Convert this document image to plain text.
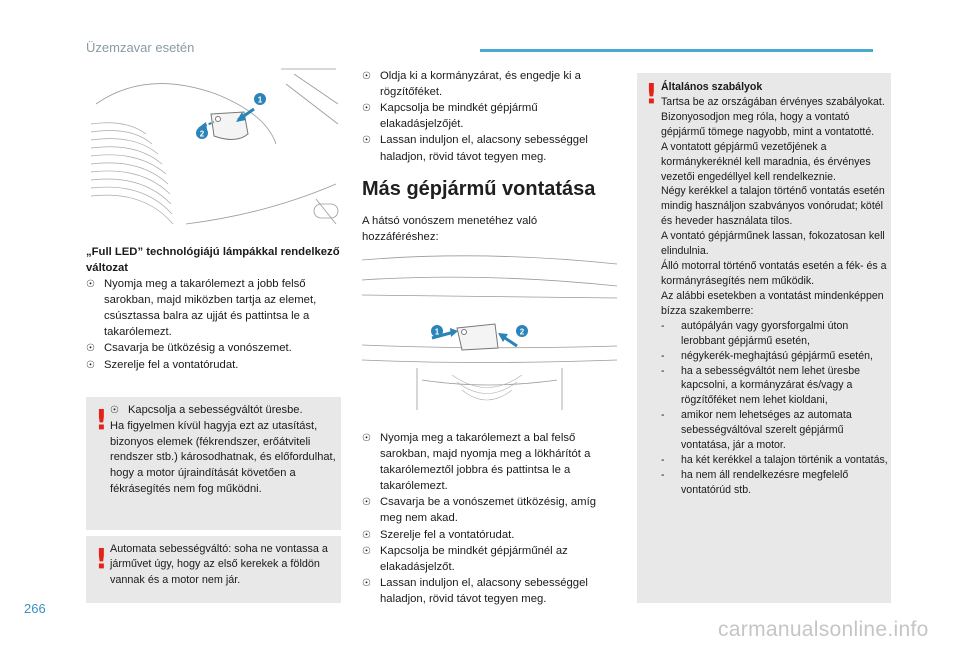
Üzemzavar esetén
1
2
„Full LED” technológiájú lámpákkal rendelkező változat
☉ Nyomja meg a takarólemezt a jobb felső sarokban, majd miközben tartja az elemet, csúsztassa balra az ujját és pattintsa le a takarólemezt.
☉ Csavarja be ütközésig a vonószemet.
☉ Szerelje fel a vontatórudat.
! ☉ Kapcsolja a sebességváltót üresbe.
Ha figyelmen kívül hagyja ezt az utasítást, bizonyos elemek (fékrendszer, erőátviteli rendszer stb.) károsodhatnak, és előfordulhat, hogy a motor újraindítását követően a fékrásegítés nem fog működni.
! Automata sebességváltó: soha ne vontassa a járművet úgy, hogy az első kerekek a földön vannak és a motor nem jár.
☉ Oldja ki a kormányzárat, és engedje ki a rögzítőféket.
☉ Kapcsolja be mindkét gépjármű elakadásjelzőjét.
☉ Lassan induljon el, alacsony sebességgel haladjon, rövid távot tegyen meg.
Más gépjármű vontatása
A hátsó vonószem menetéhez való hozzáféréshez:
1	2
☉ Nyomja meg a takarólemezt a bal felső sarokban, majd nyomja meg a lökhárítót a takarólemeztől jobbra és pattintsa le a takarólemezt.
☉ Csavarja be a vonószemet ütközésig, amíg meg nem akad.
☉ Szerelje fel a vontatórudat.
☉ Kapcsolja be mindkét gépjárműnél az elakadásjelzőt.
☉ Lassan induljon el, alacsony sebességgel haladjon, rövid távot tegyen meg.
! Általános szabályok
Tartsa be az országában érvényes szabályokat.
Bizonyosodjon meg róla, hogy a vontató gépjármű tömege nagyobb, mint a vontatotté.
A vontatott gépjármű vezetőjének a kormánykeréknél kell maradnia, és érvényes vezetői engedéllyel kell rendelkeznie.
Négy kerékkel a talajon történő vontatás esetén mindig használjon szabványos vonórudat; kötél és heveder használata tilos.
A vontató gépjárműnek lassan, fokozatosan kell elindulnia.
Álló motorral történő vontatás esetén a fék- és a kormányrásegítés nem működik.
Az alábbi esetekben a vontatást mindenképpen bízza szakemberre:
- autópályán vagy gyorsforgalmi úton lerobbant gépjármű esetén,
- négykerék-meghajtású gépjármű esetén,
- ha a sebességváltót nem lehet üresbe kapcsolni, a kormányzárat és/vagy a rögzítőféket nem lehet kioldani,
- amikor nem lehetséges az automata sebességváltóval szerelt gépjármű vontatása, jár a motor.
- ha két kerékkel a talajon történik a vontatás,
- ha nem áll rendelkezésre megfelelő vontatórúd stb.
266
carmanualsonline.info
